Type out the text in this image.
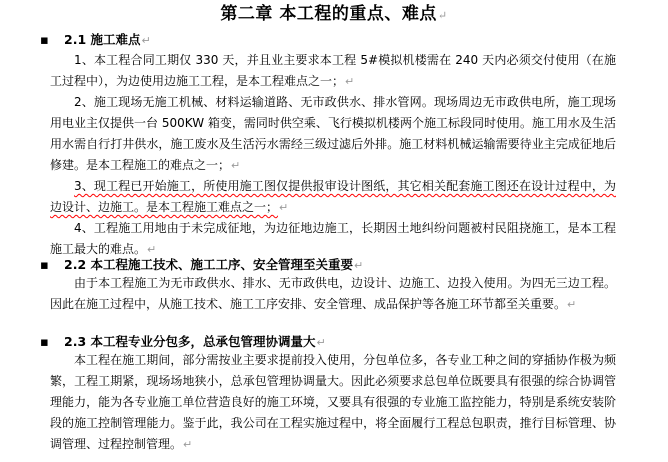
第二章 本工程的重点、难点↵
▪ 2.1 施工难点↵

1、本工程合同工期仅 330 天，并且业主要求本工程 5#模拟机楼需在 240 天内必须交付使用（在施工过程中），为边使用边施工工程，是本工程难点之一；↵

2、施工现场无施工机械、材料运输道路、无市政供水、排水管网。现场周边无市政供电所，施工现场用电业主仅提供一台 500KW 箱变，需同时供空乘、飞行模拟机楼两个施工标段同时使用。施工用水及生活用水需自行打井供水，施工废水及生活污水需经三级过滤后外排。施工材料机械运输需要待业主完成征地后修建。是本工程施工的难点之一；↵

3、现工程已开始施工，所使用施工图仅提供报审设计图纸，其它相关配套施工图还在设计过程中，为边设计、边施工。是本工程施工难点之一；↵

4、工程施工用地由于未完成征地，为边征地边施工，长期因土地纠纷问题被村民阻挠施工，是本工程施工最大的难点。↵

▪ 2.2 本工程施工技术、施工工序、安全管理至关重要↵

由于本工程施工为无市政供水、排水、无市政供电，边设计、边施工、边投入使用。为四无三边工程。因此在施工过程中，从施工技术、施工工序安排、安全管理、成品保护等各施工环节都至关重要。↵

▪ 2.3 本工程专业分包多，总承包管理协调量大↵

本工程在施工期间，部分需按业主要求提前投入使用，分包单位多，各专业工种之间的穿插协作极为频繁，工程工期紧，现场场地狭小，总承包管理协调量大。因此必须要求总包单位既要具有很强的综合协调管理能力，能为各专业施工单位营造良好的施工环境，又要具有很强的专业施工监控能力，特别是系统安装阶段的施工控制管理能力。鉴于此，我公司在工程实施过程中，将全面履行工程总包职责，推行目标管理、协调管理、过程控制管理。↵
